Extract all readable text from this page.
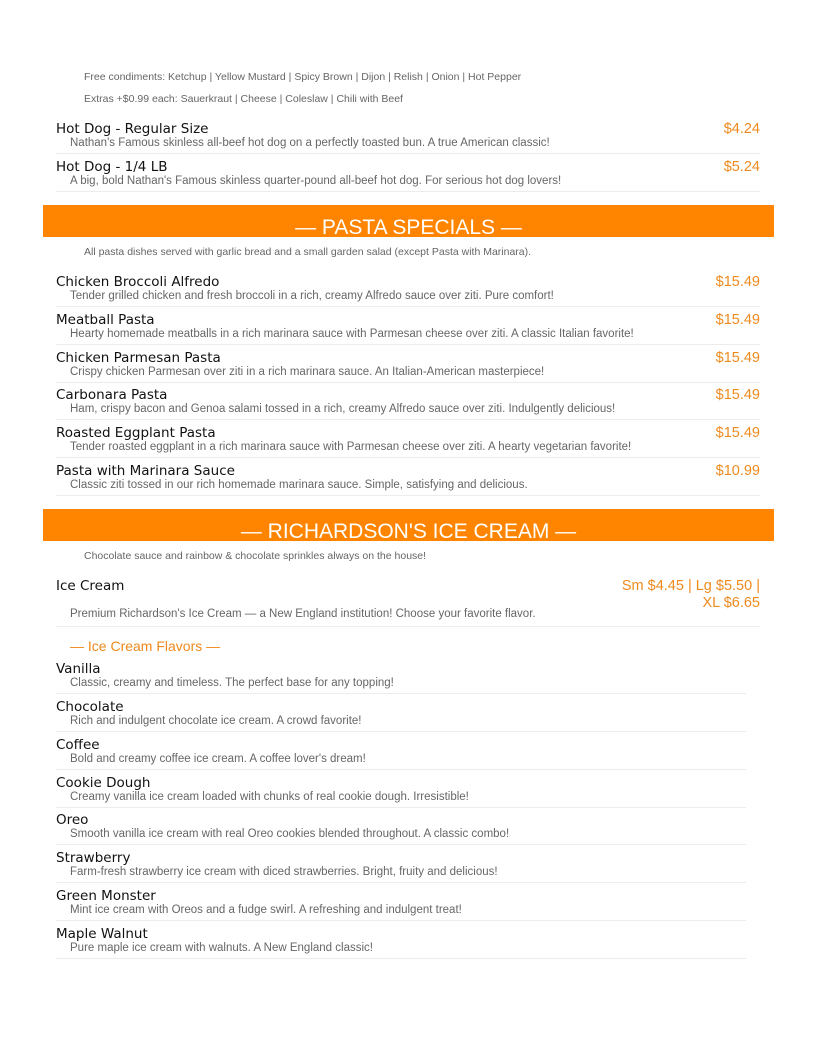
Free condiments: Ketchup | Yellow Mustard | Spicy Brown | Dijon | Relish | Onion | Hot Pepper
Extras +$0.99 each: Sauerkraut | Cheese | Coleslaw | Chili with Beef
Hot Dog - Regular Size
Nathan's Famous skinless all-beef hot dog on a perfectly toasted bun. A true American classic!
$4.24
Hot Dog - 1/4 LB
A big, bold Nathan's Famous skinless quarter-pound all-beef hot dog. For serious hot dog lovers!
$5.24
— PASTA SPECIALS —
All pasta dishes served with garlic bread and a small garden salad (except Pasta with Marinara).
Chicken Broccoli Alfredo
Tender grilled chicken and fresh broccoli in a rich, creamy Alfredo sauce over ziti. Pure comfort!
$15.49
Meatball Pasta
Hearty homemade meatballs in a rich marinara sauce with Parmesan cheese over ziti. A classic Italian favorite!
$15.49
Chicken Parmesan Pasta
Crispy chicken Parmesan over ziti in a rich marinara sauce. An Italian-American masterpiece!
$15.49
Carbonara Pasta
Ham, crispy bacon and Genoa salami tossed in a rich, creamy Alfredo sauce over ziti. Indulgently delicious!
$15.49
Roasted Eggplant Pasta
Tender roasted eggplant in a rich marinara sauce with Parmesan cheese over ziti. A hearty vegetarian favorite!
$15.49
Pasta with Marinara Sauce
Classic ziti tossed in our rich homemade marinara sauce. Simple, satisfying and delicious.
$10.99
— RICHARDSON'S ICE CREAM —
Chocolate sauce and rainbow & chocolate sprinkles always on the house!
Ice Cream
Premium Richardson's Ice Cream — a New England institution! Choose your favorite flavor.
Sm $4.45 | Lg $5.50 |
XL $6.65
— Ice Cream Flavors —
Vanilla
Classic, creamy and timeless. The perfect base for any topping!
Chocolate
Rich and indulgent chocolate ice cream. A crowd favorite!
Coffee
Bold and creamy coffee ice cream. A coffee lover's dream!
Cookie Dough
Creamy vanilla ice cream loaded with chunks of real cookie dough. Irresistible!
Oreo
Smooth vanilla ice cream with real Oreo cookies blended throughout. A classic combo!
Strawberry
Farm-fresh strawberry ice cream with diced strawberries. Bright, fruity and delicious!
Green Monster
Mint ice cream with Oreos and a fudge swirl. A refreshing and indulgent treat!
Maple Walnut
Pure maple ice cream with walnuts. A New England classic!
